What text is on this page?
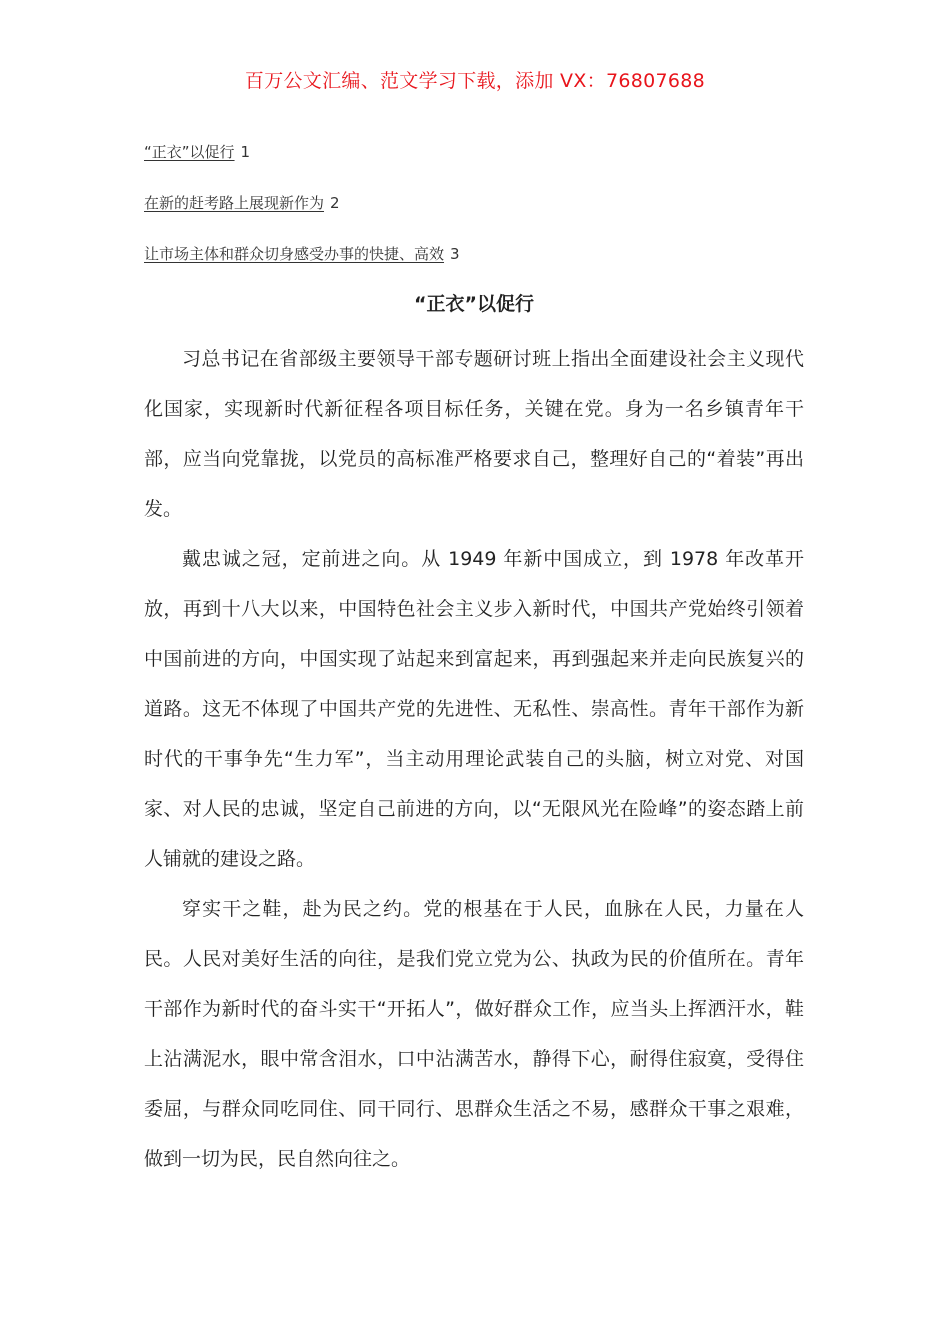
百万公文汇编、范文学习下载，添加 VX：76807688
“正衣”以促行 1
在新的赶考路上展现新作为 2
让市场主体和群众切身感受办事的快捷、高效 3
“正衣”以促行

习总书记在省部级主要领导干部专题研讨班上指出全面建设社会主义现代化国家，实现新时代新征程各项目标任务，关键在党。身为一名乡镇青年干部，应当向党靠拢，以党员的高标准严格要求自己，整理好自己的“着装”再出发。

戴忠诚之冠，定前进之向。从 1949 年新中国成立，到 1978 年改革开放，再到十八大以来，中国特色社会主义步入新时代，中国共产党始终引领着中国前进的方向，中国实现了站起来到富起来，再到强起来并走向民族复兴的道路。这无不体现了中国共产党的先进性、无私性、崇高性。青年干部作为新时代的干事争先“生力军”，当主动用理论武装自己的头脑，树立对党、对国家、对人民的忠诚，坚定自己前进的方向，以“无限风光在险峰”的姿态踏上前人铺就的建设之路。

穿实干之鞋，赴为民之约。党的根基在于人民，血脉在人民，力量在人民。人民对美好生活的向往，是我们党立党为公、执政为民的价值所在。青年干部作为新时代的奋斗实干“开拓人”，做好群众工作，应当头上挥洒汗水，鞋上沾满泥水，眼中常含泪水，口中沾满苦水，静得下心，耐得住寂寞，受得住委屈，与群众同吃同住、同干同行、思群众生活之不易，感群众干事之艰难，做到一切为民，民自然向往之。
